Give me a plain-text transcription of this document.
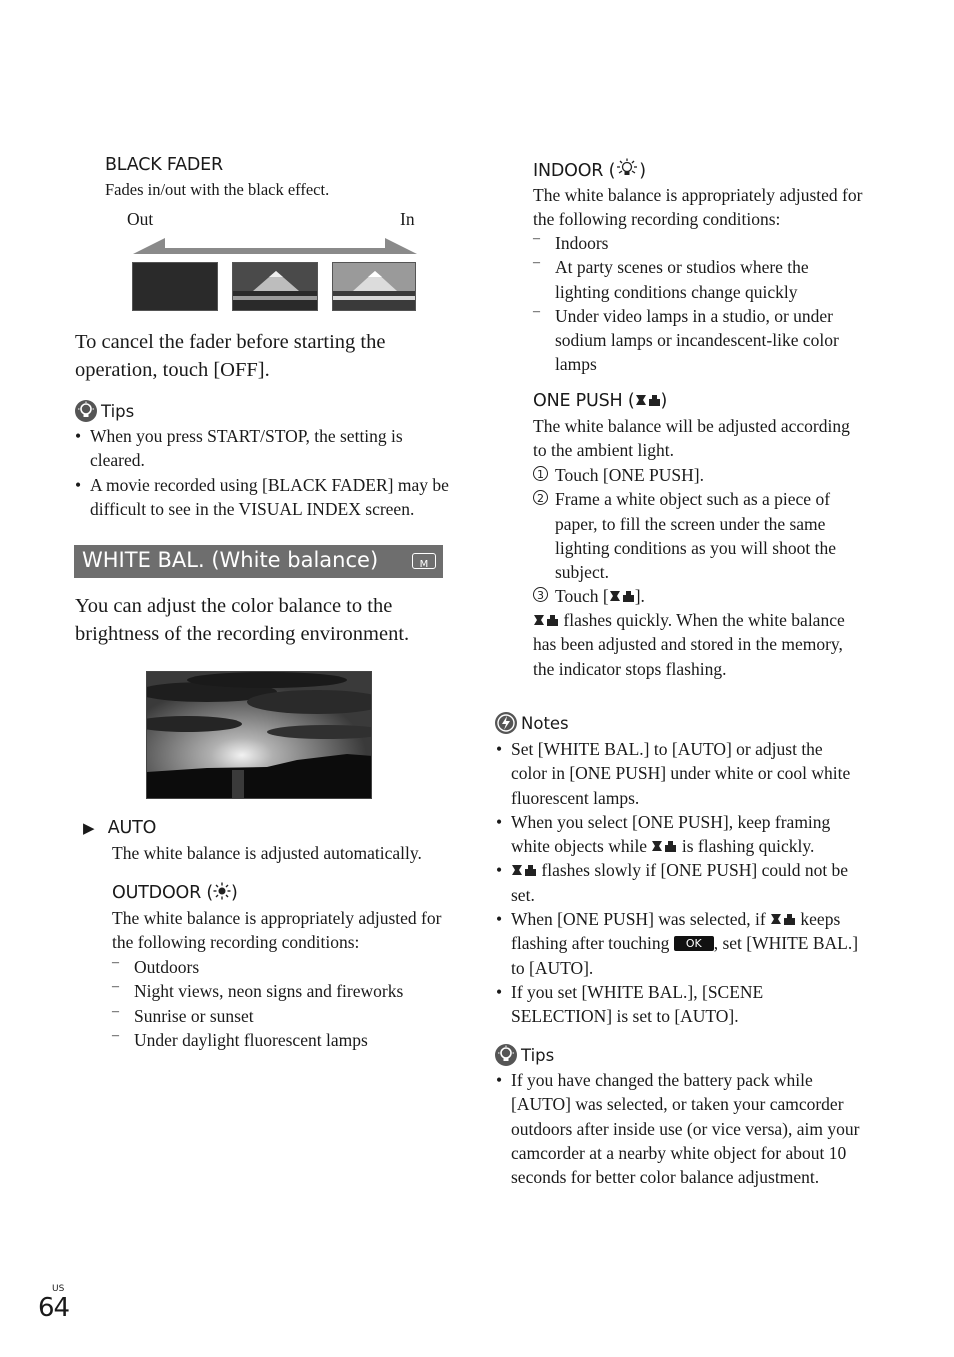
BLACK FADER
Fades in/out with the black effect.
Out	In
To cancel the fader before starting the
operation, touch [OFF].
Tips
• When you press START/STOP, the setting is cleared.
• A movie recorded using [BLACK FADER] may be difficult to see in the VISUAL INDEX screen.
WHITE BAL. (White balance)	M
You can adjust the color balance to the
brightness of the recording environment.
▶ AUTO
The white balance is adjusted automatically.
OUTDOOR ( )
The white balance is appropriately adjusted for the following recording conditions:
– Outdoors
– Night views, neon signs and fireworks
– Sunrise or sunset
– Under daylight fluorescent lamps
INDOOR ( )
The white balance is appropriately adjusted for the following recording conditions:
– Indoors
– At party scenes or studios where the lighting conditions change quickly
– Under video lamps in a studio, or under sodium lamps or incandescent-like color lamps
ONE PUSH ( )
The white balance will be adjusted according to the ambient light.
1 Touch [ONE PUSH].
2 Frame a white object such as a piece of paper, to fill the screen under the same lighting conditions as you will shoot the subject.
3 Touch [ ].
flashes quickly. When the white balance has been adjusted and stored in the memory, the indicator stops flashing.
Notes
• Set [WHITE BAL.] to [AUTO] or adjust the color in [ONE PUSH] under white or cool white fluorescent lamps.
• When you select [ONE PUSH], keep framing white objects while is flashing quickly.
• flashes slowly if [ONE PUSH] could not be set.
• When [ONE PUSH] was selected, if keeps flashing after touching OK , set [WHITE BAL.] to [AUTO].
• If you set [WHITE BAL.], [SCENE SELECTION] is set to [AUTO].
Tips
• If you have changed the battery pack while [AUTO] was selected, or taken your camcorder outdoors after inside use (or vice versa), aim your camcorder at a nearby white object for about 10 seconds for better color balance adjustment.
US
64
